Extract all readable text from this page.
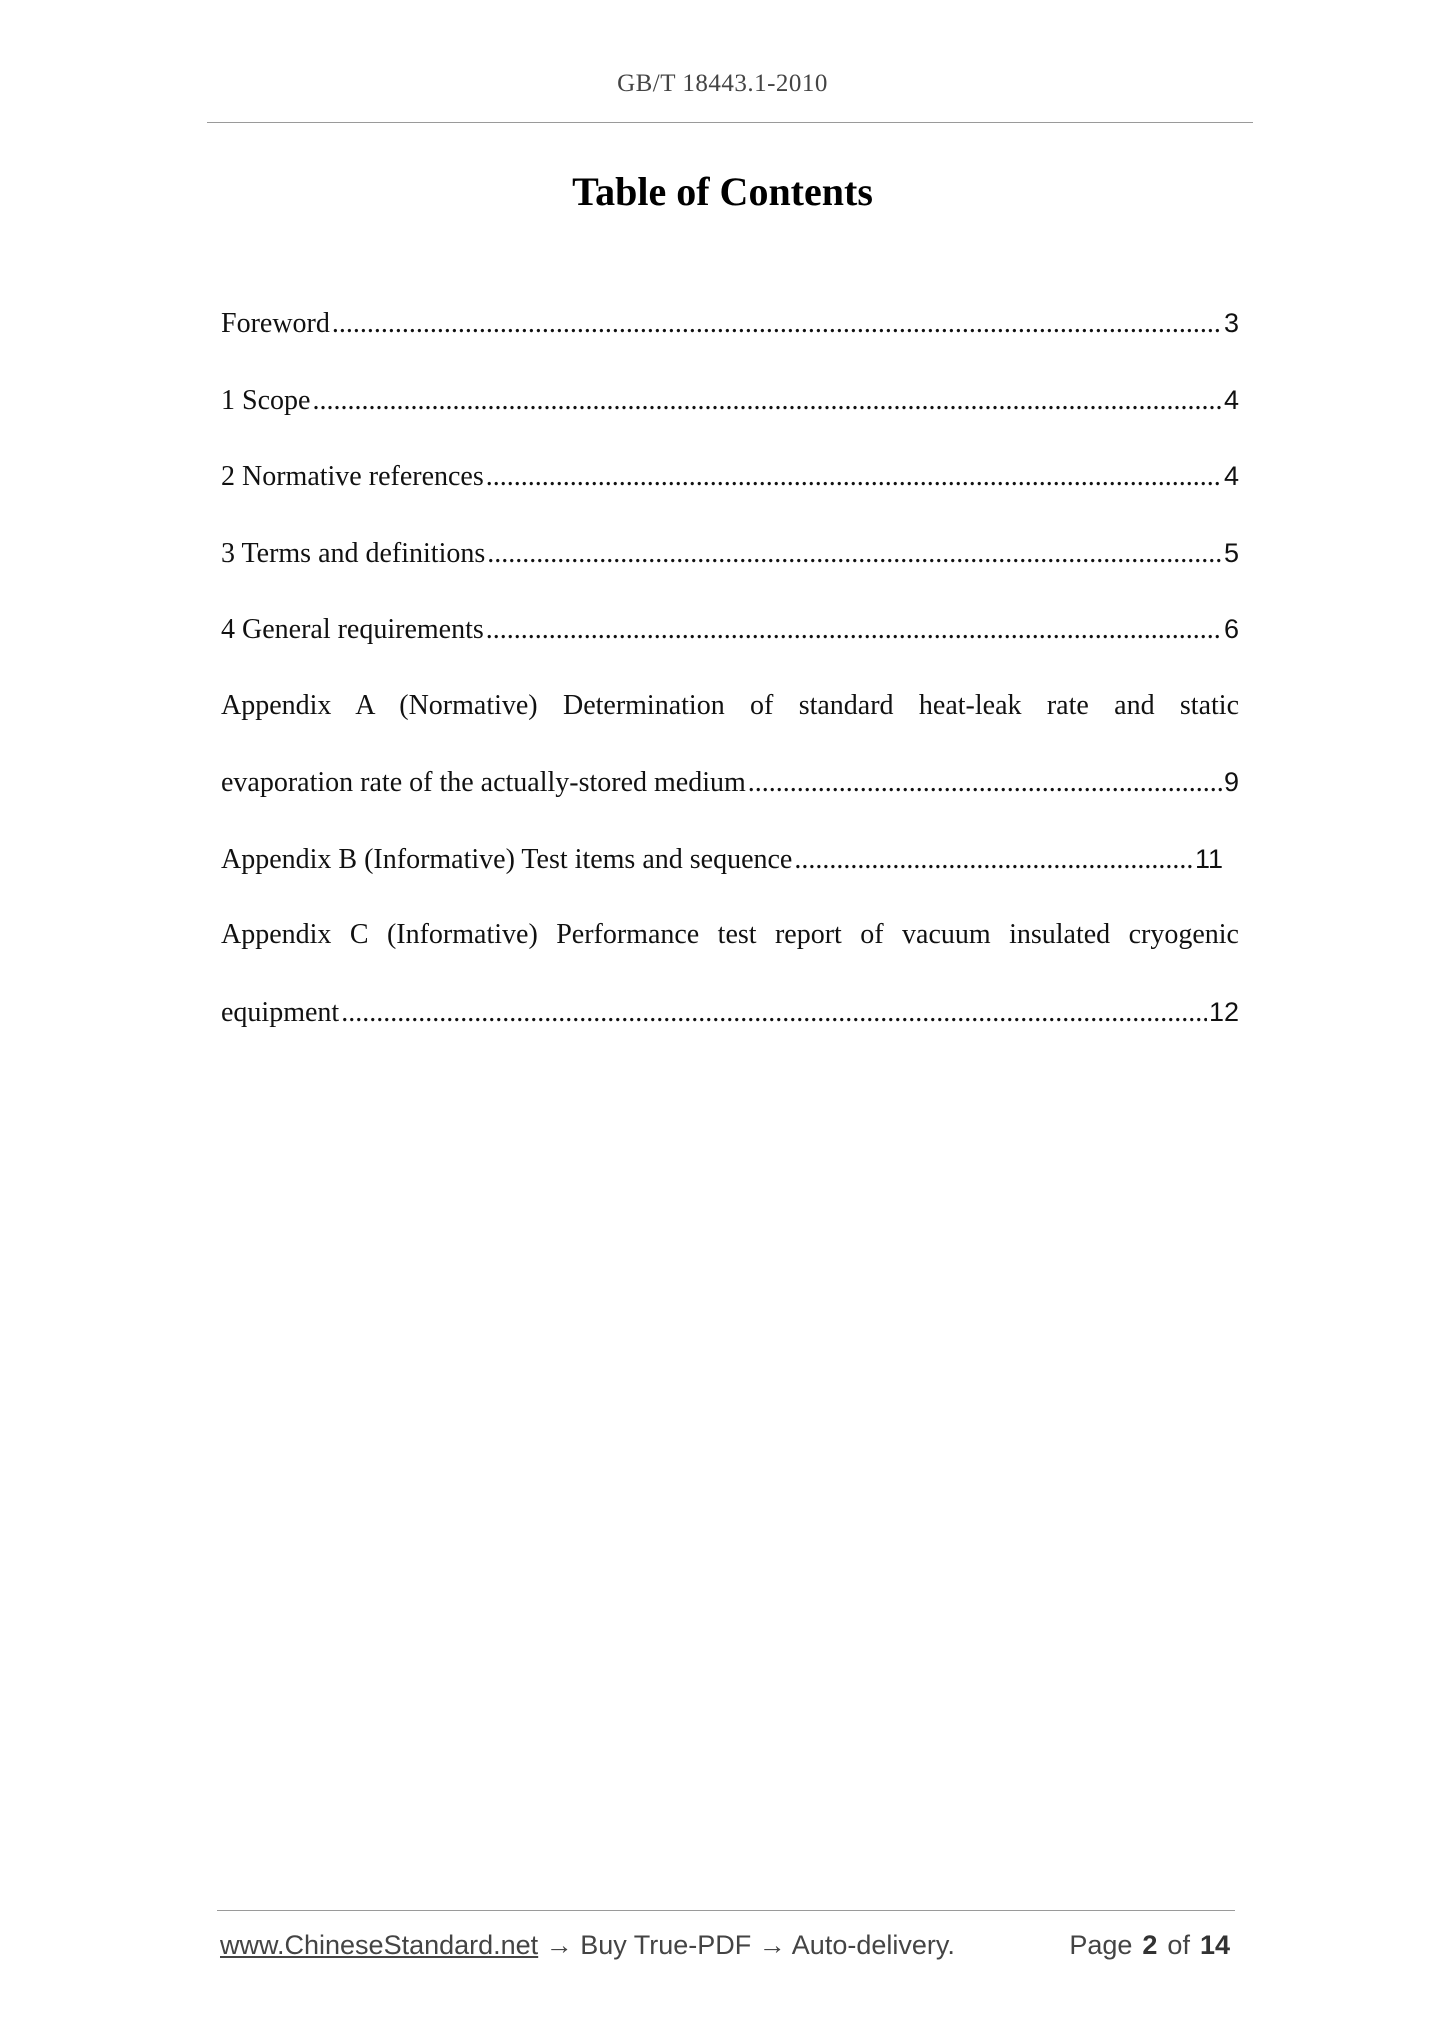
GB/T 18443.1-2010
Table of Contents
Foreword .....	3
1 Scope .....	4
2 Normative references .....	4
3 Terms and definitions .....	5
4 General requirements .....	6
Appendix A (Normative) Determination of standard heat-leak rate and static
evaporation rate of the actually-stored medium .....	9
Appendix B (Informative) Test items and sequence .....	11
Appendix C (Informative) Performance test report of vacuum insulated cryogenic
equipment .....	12
www.ChineseStandard.net → Buy True-PDF → Auto-delivery.	Page 2 of 14
